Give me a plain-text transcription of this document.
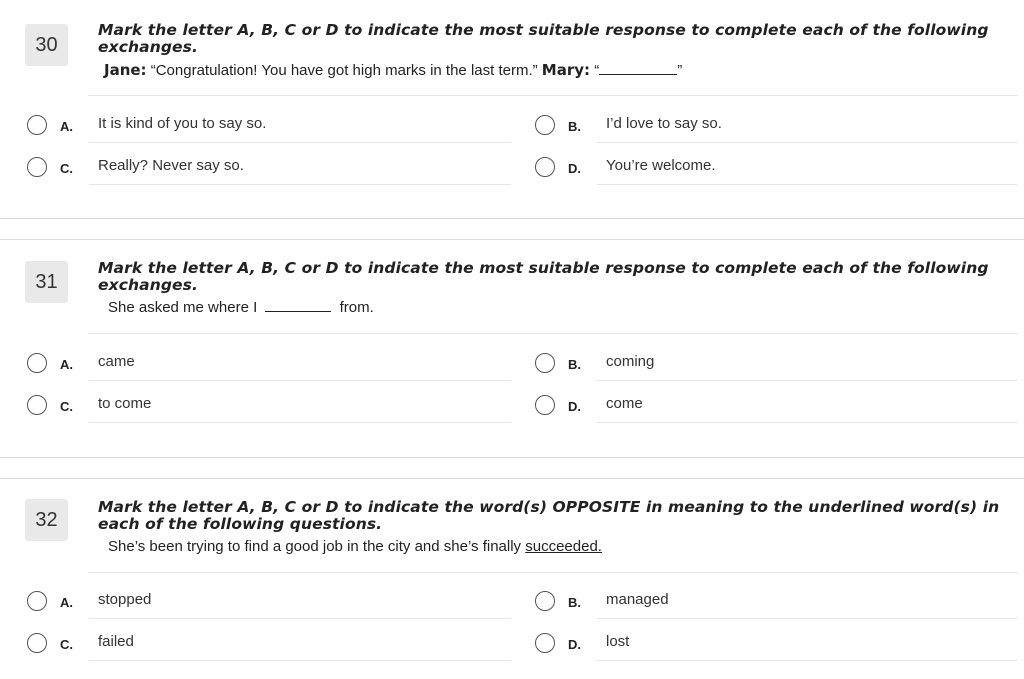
30
Mark the letter A, B, C or D to indicate the most suitable response to complete each of the following exchanges.
Jane: “Congratulation! You have got high marks in the last term.” Mary: “	”
A. It is kind of you to say so.	B. I’d love to say so.
C. Really? Never say so.	D. You’re welcome.
31
Mark the letter A, B, C or D to indicate the most suitable response to complete each of the following exchanges.
She asked me where I	from.
A. came	B. coming
C. to come	D. come
32
Mark the letter A, B, C or D to indicate the word(s) OPPOSITE in meaning to the underlined word(s) in each of the following questions.
She’s been trying to find a good job in the city and she’s finally succeeded.
A. stopped	B. managed
C. failed	D. lost
